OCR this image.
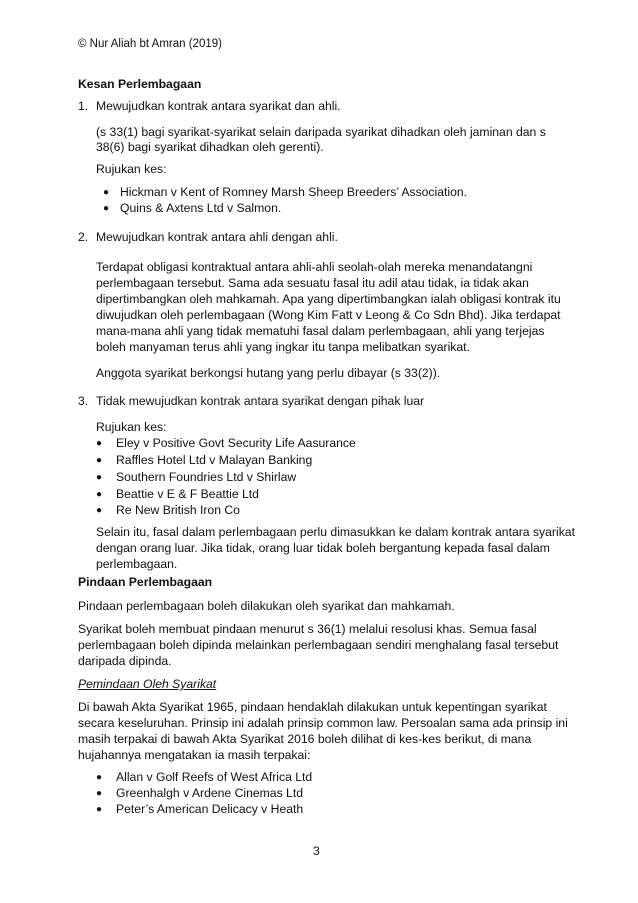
© Nur Aliah bt Amran (2019)

Kesan Perlembagaan

1. Mewujudkan kontrak antara syarikat dan ahli.

(s 33(1) bagi syarikat-syarikat selain daripada syarikat dihadkan oleh jaminan dan s

38(6) bagi syarikat dihadkan oleh gerenti).

Rujukan kes:

● Hickman v Kent of Romney Marsh Sheep Breeders’ Association.

● Quins & Axtens Ltd v Salmon.

2. Mewujudkan kontrak antara ahli dengan ahli.

Terdapat obligasi kontraktual antara ahli-ahli seolah-olah mereka menandatangni

perlembagaan tersebut. Sama ada sesuatu fasal itu adil atau tidak, ia tidak akan

dipertimbangkan oleh mahkamah. Apa yang dipertimbangkan ialah obligasi kontrak itu

diwujudkan oleh perlembagaan (Wong Kim Fatt v Leong & Co Sdn Bhd). Jika terdapat

mana-mana ahli yang tidak mematuhi fasal dalam perlembagaan, ahli yang terjejas

boleh manyaman terus ahli yang ingkar itu tanpa melibatkan syarikat.

Anggota syarikat berkongsi hutang yang perlu dibayar (s 33(2)).

3. Tidak mewujudkan kontrak antara syarikat dengan pihak luar

Rujukan kes:

● Eley v Positive Govt Security Life Aasurance

● Raffles Hotel Ltd v Malayan Banking

● Southern Foundries Ltd v Shirlaw

● Beattie v E & F Beattie Ltd

● Re New British Iron Co

Selain itu, fasal dalam perlembagaan perlu dimasukkan ke dalam kontrak antara syarikat

dengan orang luar. Jika tidak, orang luar tidak boleh bergantung kepada fasal dalam

perlembagaan.

Pindaan Perlembagaan

Pindaan perlembagaan boleh dilakukan oleh syarikat dan mahkamah.

Syarikat boleh membuat pindaan menurut s 36(1) melalui resolusi khas. Semua fasal

perlembagaan boleh dipinda melainkan perlembagaan sendiri menghalang fasal tersebut

daripada dipinda.

Pemindaan Oleh Syarikat

Di bawah Akta Syarikat 1965, pindaan hendaklah dilakukan untuk kepentingan syarikat

secara keseluruhan. Prinsip ini adalah prinsip common law. Persoalan sama ada prinsip ini

masih terpakai di bawah Akta Syarikat 2016 boleh dilihat di kes-kes berikut, di mana

hujahannya mengatakan ia masih terpakai:

● Allan v Golf Reefs of West Africa Ltd

● Greenhalgh v Ardene Cinemas Ltd

● Peter’s American Delicacy v Heath

3
